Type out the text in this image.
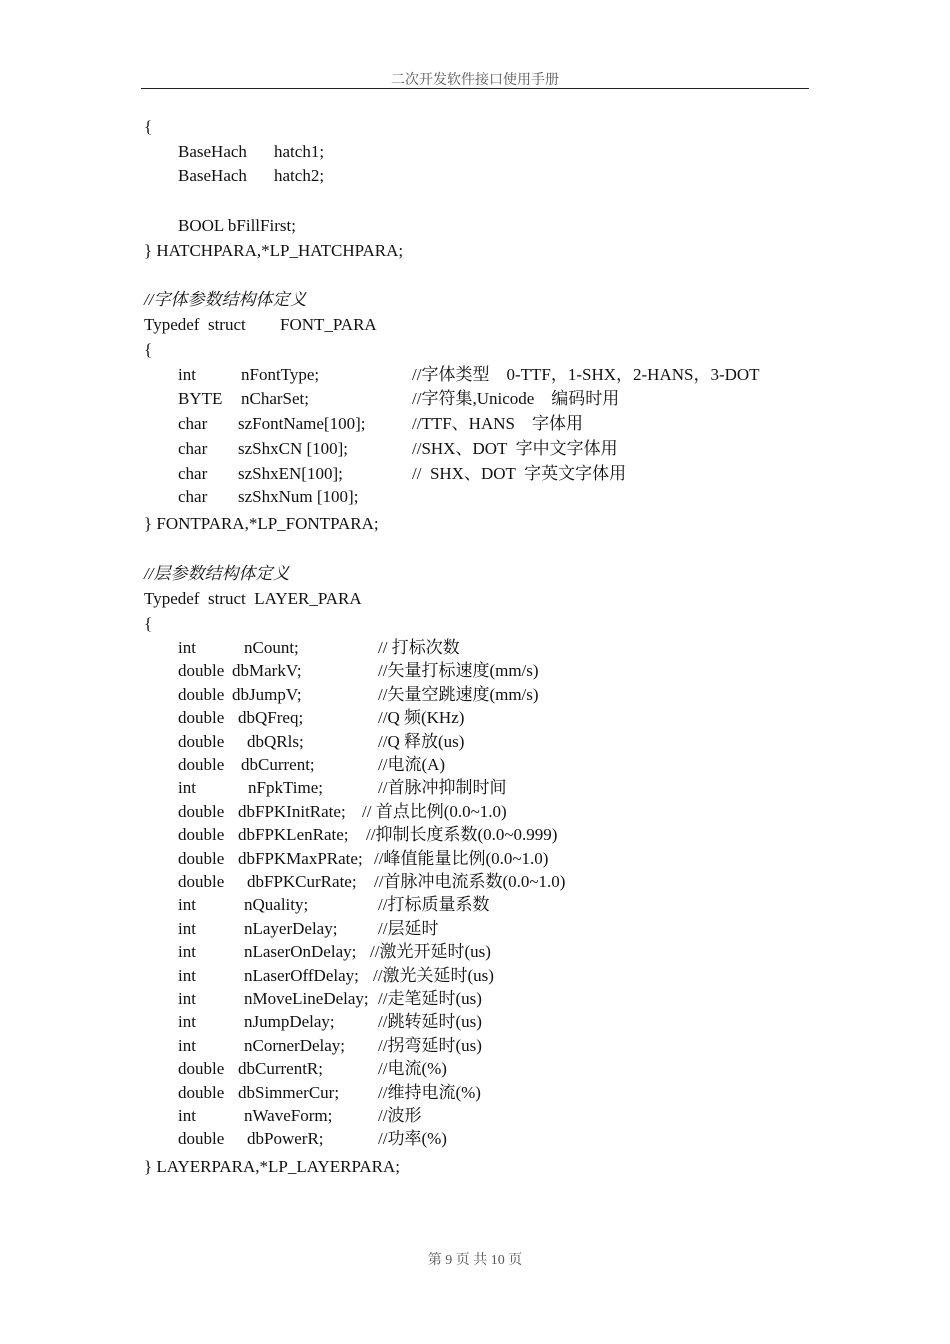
二次开发软件接口使用手册
{
BaseHach hatch1;
BaseHach hatch2;
BOOL bFillFirst;
} HATCHPARA,*LP_HATCHPARA;
//字体参数结构体定义
Typedef  struct FONT_PARA
{
int	nFontType;	//字体类型    0-TTF，1-SHX，2-HANS，3-DOT
BYTE nCharSet;	//字符集,Unicode    编码时用
char szFontName[100];	//TTF、HANS    字体用
char szShxCN [100];	//SHX、DOT  字中文字体用
char szShxEN[100];	//  SHX、DOT  字英文字体用
char szShxNum [100];
} FONTPARA,*LP_FONTPARA;
//层参数结构体定义
Typedef  struct  LAYER_PARA
{
int	nCount;	// 打标次数
double dbMarkV;	//矢量打标速度(mm/s)
double dbJumpV;	//矢量空跳速度(mm/s)
double dbQFreq;	//Q 频(KHz)
double dbQRls;	//Q 释放(us)
double dbCurrent;	//电流(A)
int	nFpkTime;	//首脉冲抑制时间
double dbFPKInitRate; // 首点比例(0.0~1.0)
double dbFPKLenRate; //抑制长度系数(0.0~0.999)
double dbFPKMaxPRate; //峰值能量比例(0.0~1.0)
double dbFPKCurRate; //首脉冲电流系数(0.0~1.0)
int	nQuality;	//打标质量系数
int	nLayerDelay; //层延时
int	nLaserOnDelay; //激光开延时(us)
int	nLaserOffDelay; //激光关延时(us)
int	nMoveLineDelay; //走笔延时(us)
int	nJumpDelay;	//跳转延时(us)
int	nCornerDelay; //拐弯延时(us)
double dbCurrentR;	//电流(%)
double dbSimmerCur; //维持电流(%)
int	nWaveForm;	//波形
double dbPowerR;	//功率(%)
} LAYERPARA,*LP_LAYERPARA;
第 9 页 共 10 页
